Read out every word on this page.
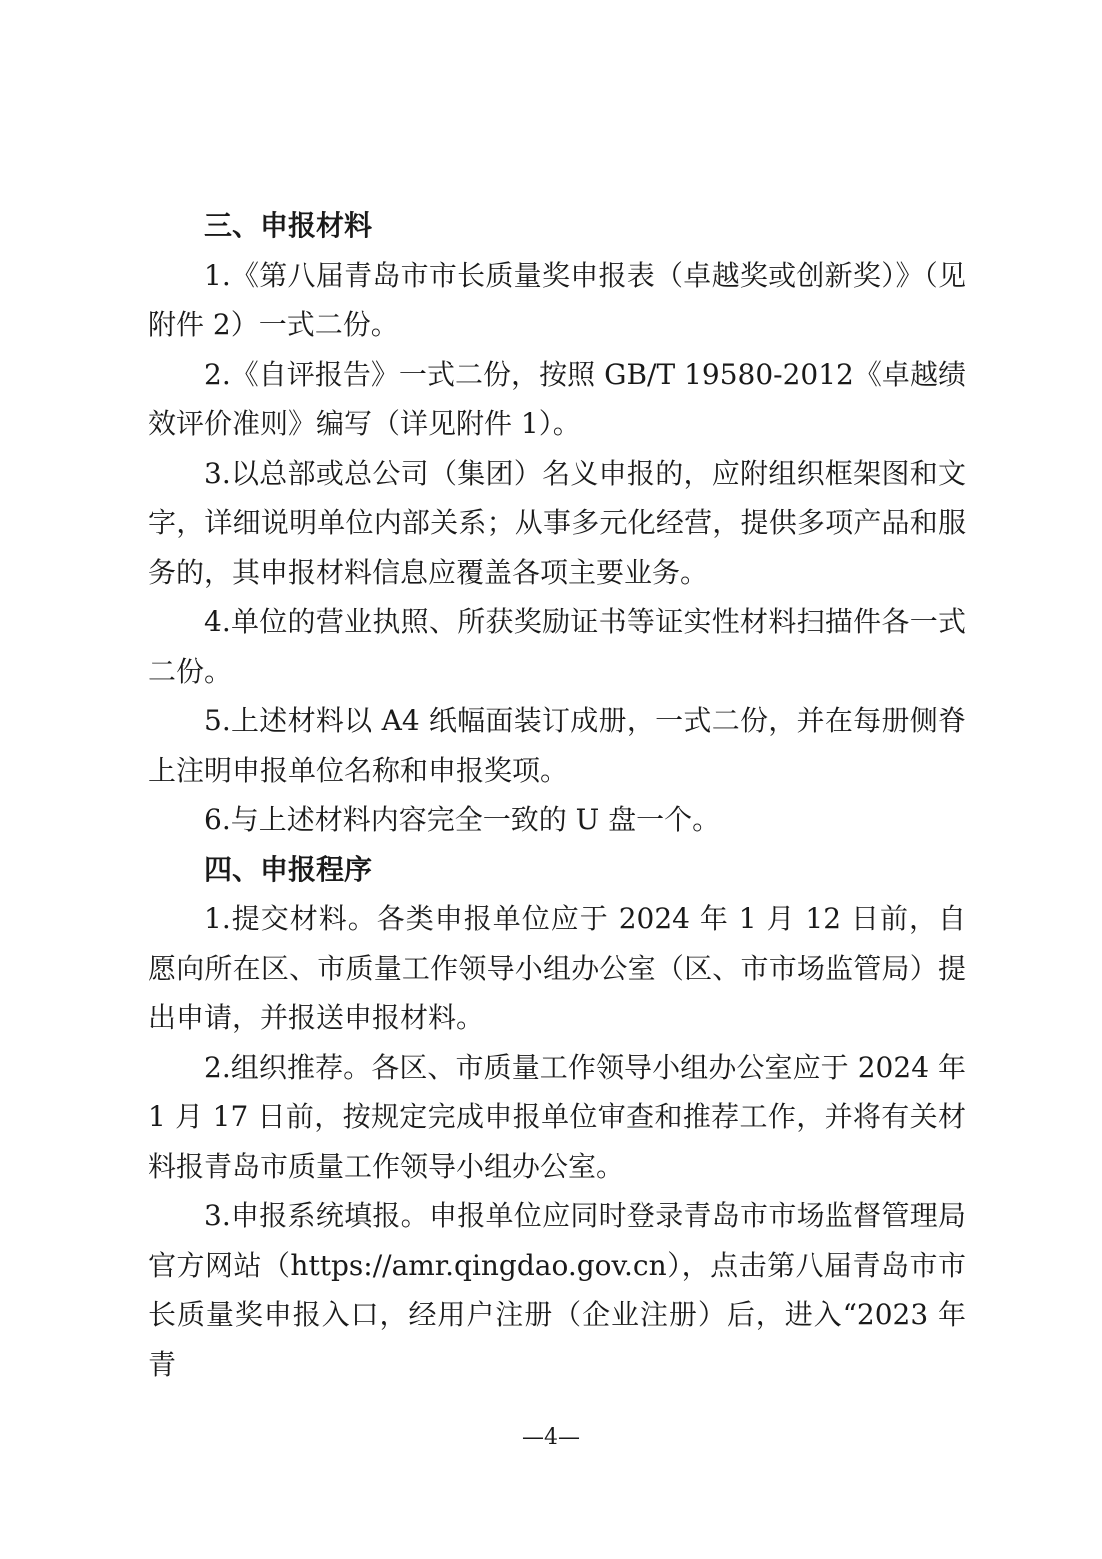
三、申报材料

1.《第八届青岛市市长质量奖申报表（卓越奖或创新奖）》（见附件 2）一式二份。

2.《自评报告》一式二份，按照 GB/T 19580-2012《卓越绩效评价准则》编写（详见附件 1）。

3.以总部或总公司（集团）名义申报的，应附组织框架图和文字，详细说明单位内部关系；从事多元化经营，提供多项产品和服务的，其申报材料信息应覆盖各项主要业务。

4.单位的营业执照、所获奖励证书等证实性材料扫描件各一式二份。

5.上述材料以 A4 纸幅面装订成册，一式二份，并在每册侧脊上注明申报单位名称和申报奖项。

6.与上述材料内容完全一致的 U 盘一个。

四、申报程序

1.提交材料。各类申报单位应于 2024 年 1 月 12 日前，自愿向所在区、市质量工作领导小组办公室（区、市市场监管局）提出申请，并报送申报材料。

2.组织推荐。各区、市质量工作领导小组办公室应于 2024 年 1 月 17 日前，按规定完成申报单位审查和推荐工作，并将有关材料报青岛市质量工作领导小组办公室。

3.申报系统填报。申报单位应同时登录青岛市市场监督管理局官方网站（https://amr.qingdao.gov.cn），点击第八届青岛市市长质量奖申报入口，经用户注册（企业注册）后，进入“2023 年青

—4—
